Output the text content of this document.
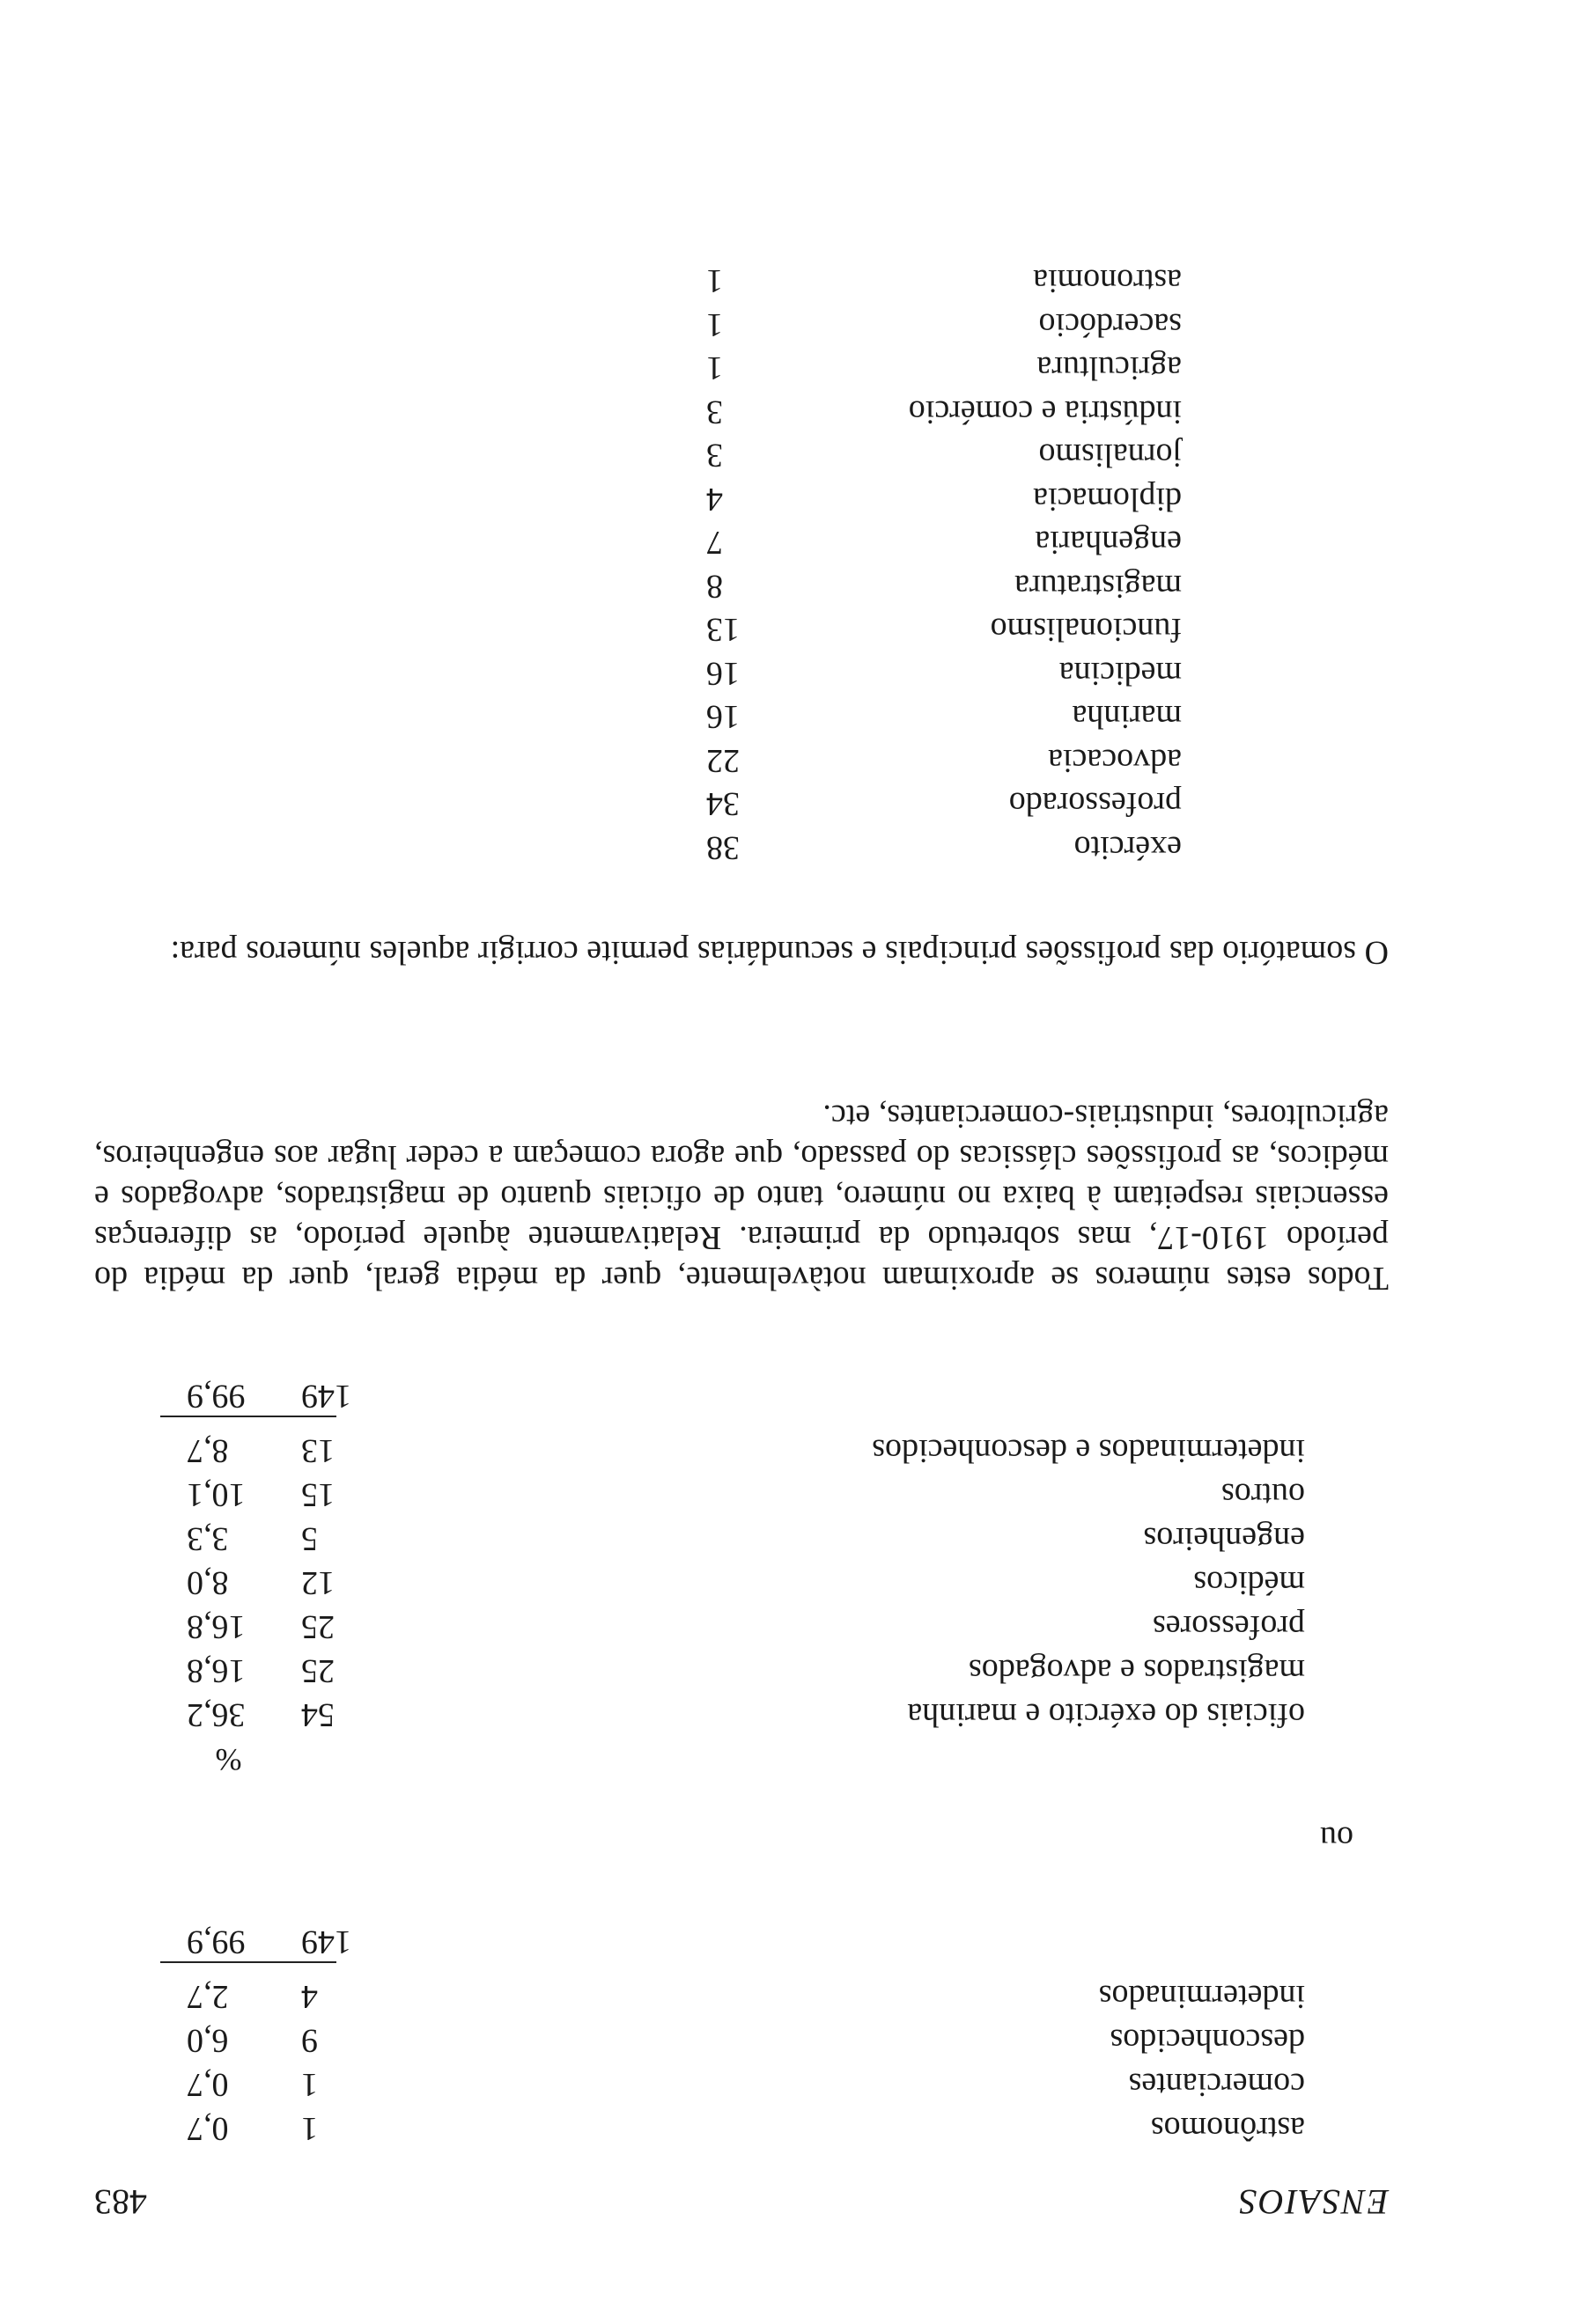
ENSAIOS
483
astrônomos
1
0,7
comerciantes
1
0,7
desconhecidos
9
6,0
indeterminados
4
2,7
149
99,9
ou
%
oficiais do exército e marinha
54
36,2
magistrados e advogados
25
16,8
professores
25
16,8
médicos
12
8,0
engenheiros
5
3,3
outros
15
10,1
indeterminados e desconhecidos
13
8,7
149
99,9

Todos estes números se aproximam notàvelmente, quer da média geral, quer da média do período 1910-17, mas sobretudo da primeira. Relativamente àquele período, as diferenças essenciais respeitam à baixa no número, tanto de oficiais quanto de magistrados, advogados e médicos, as profissões clássicas do passado, que agora começam a ceder lugar aos engenheiros, agricultores, industriais-comerciantes, etc.

O somatório das profissões principais e secundárias permite corrigir aqueles números para:

exército
38
professorado
34
advocacia
22
marinha
16
medicina
16
funcionalismo
13
magistratura
8
engenharia
7
diplomacia
4
jornalismo
3
indústria e comércio
3
agricultura
1
sacerdócio
1
astronomia
1
